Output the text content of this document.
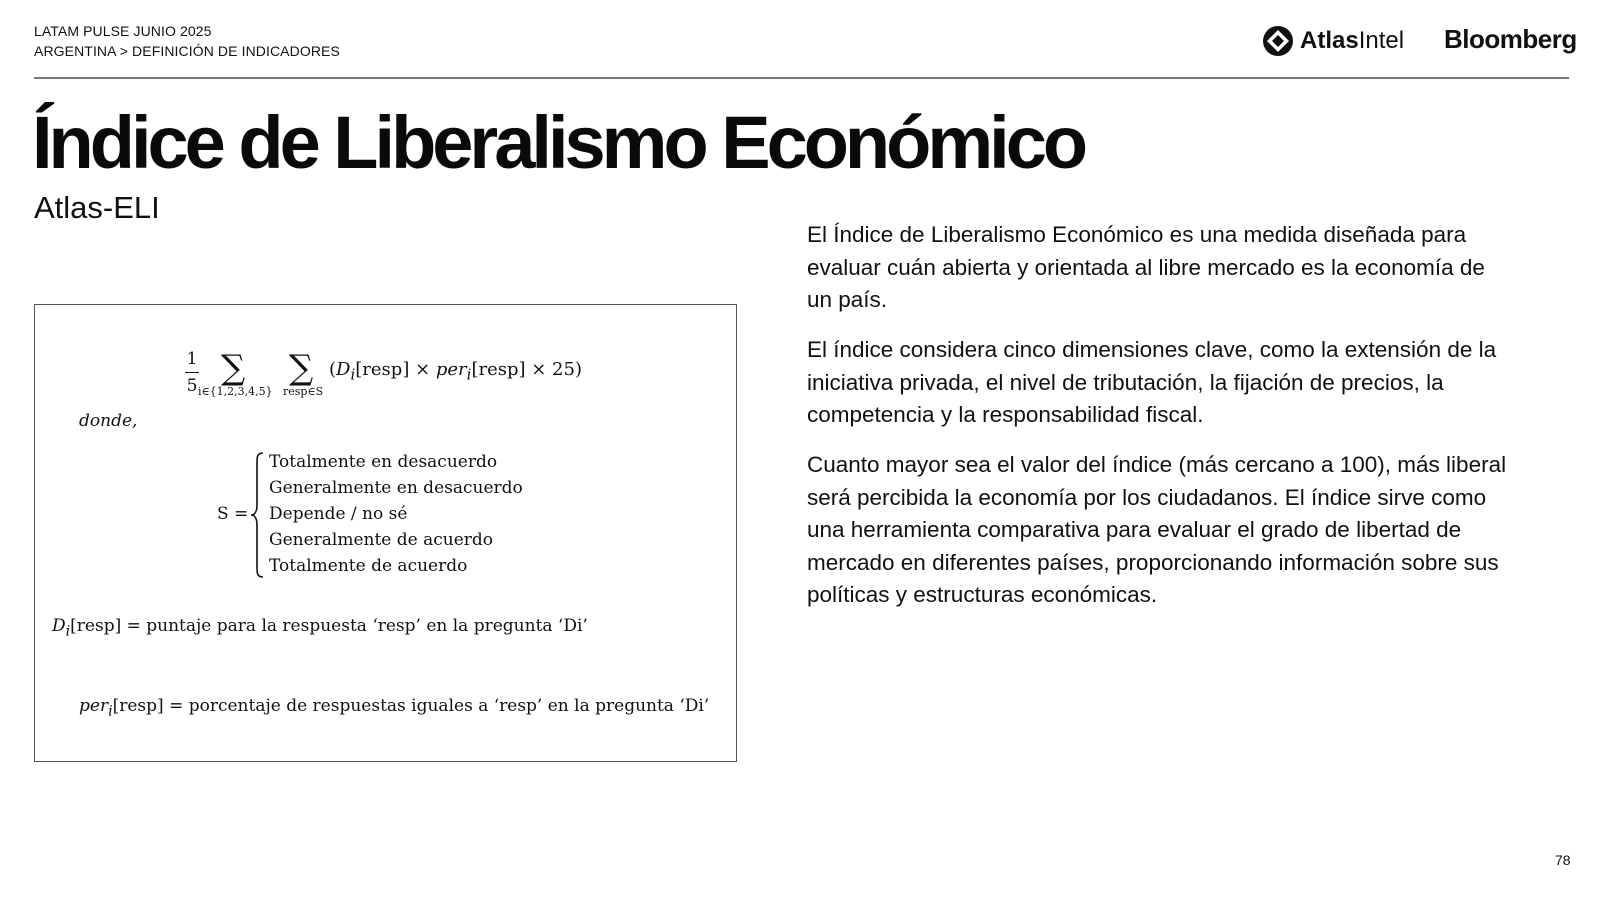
LATAM PULSE JUNIO 2025
ARGENTINA > DEFINICIÓN DE INDICADORES	AtlasIntel Bloomberg
Índice de Liberalismo Económico
Atlas-ELI
1
5 ∑
i∈{1,2,3,4,5}
∑
resp∈S
($D_i[resp]$ × per$_i$[resp] × 25)
donde,
S =
Totalmente en desacuerdo
Generalmente en desacuerdo
Depende / no sé
Generalmente de acuerdo
Totalmente de acuerdo
$D_i[resp]$ = puntaje para la respuesta ‘resp’ en la pregunta ‘Di’
per$_i$[resp] = porcentaje de respuestas iguales a ‘resp’ en la pregunta ‘Di’

El Índice de Liberalismo Económico es una medida diseñada para evaluar cuán abierta y orientada al libre mercado es la economía de un país.

El índice considera cinco dimensiones clave, como la extensión de la iniciativa privada, el nivel de tributación, la fijación de precios, la competencia y la responsabilidad fiscal.

Cuanto mayor sea el valor del índice (más cercano a 100), más liberal será percibida la economía por los ciudadanos. El índice sirve como una herramienta comparativa para evaluar el grado de libertad de mercado en diferentes países, proporcionando información sobre sus políticas y estructuras económicas.

78
